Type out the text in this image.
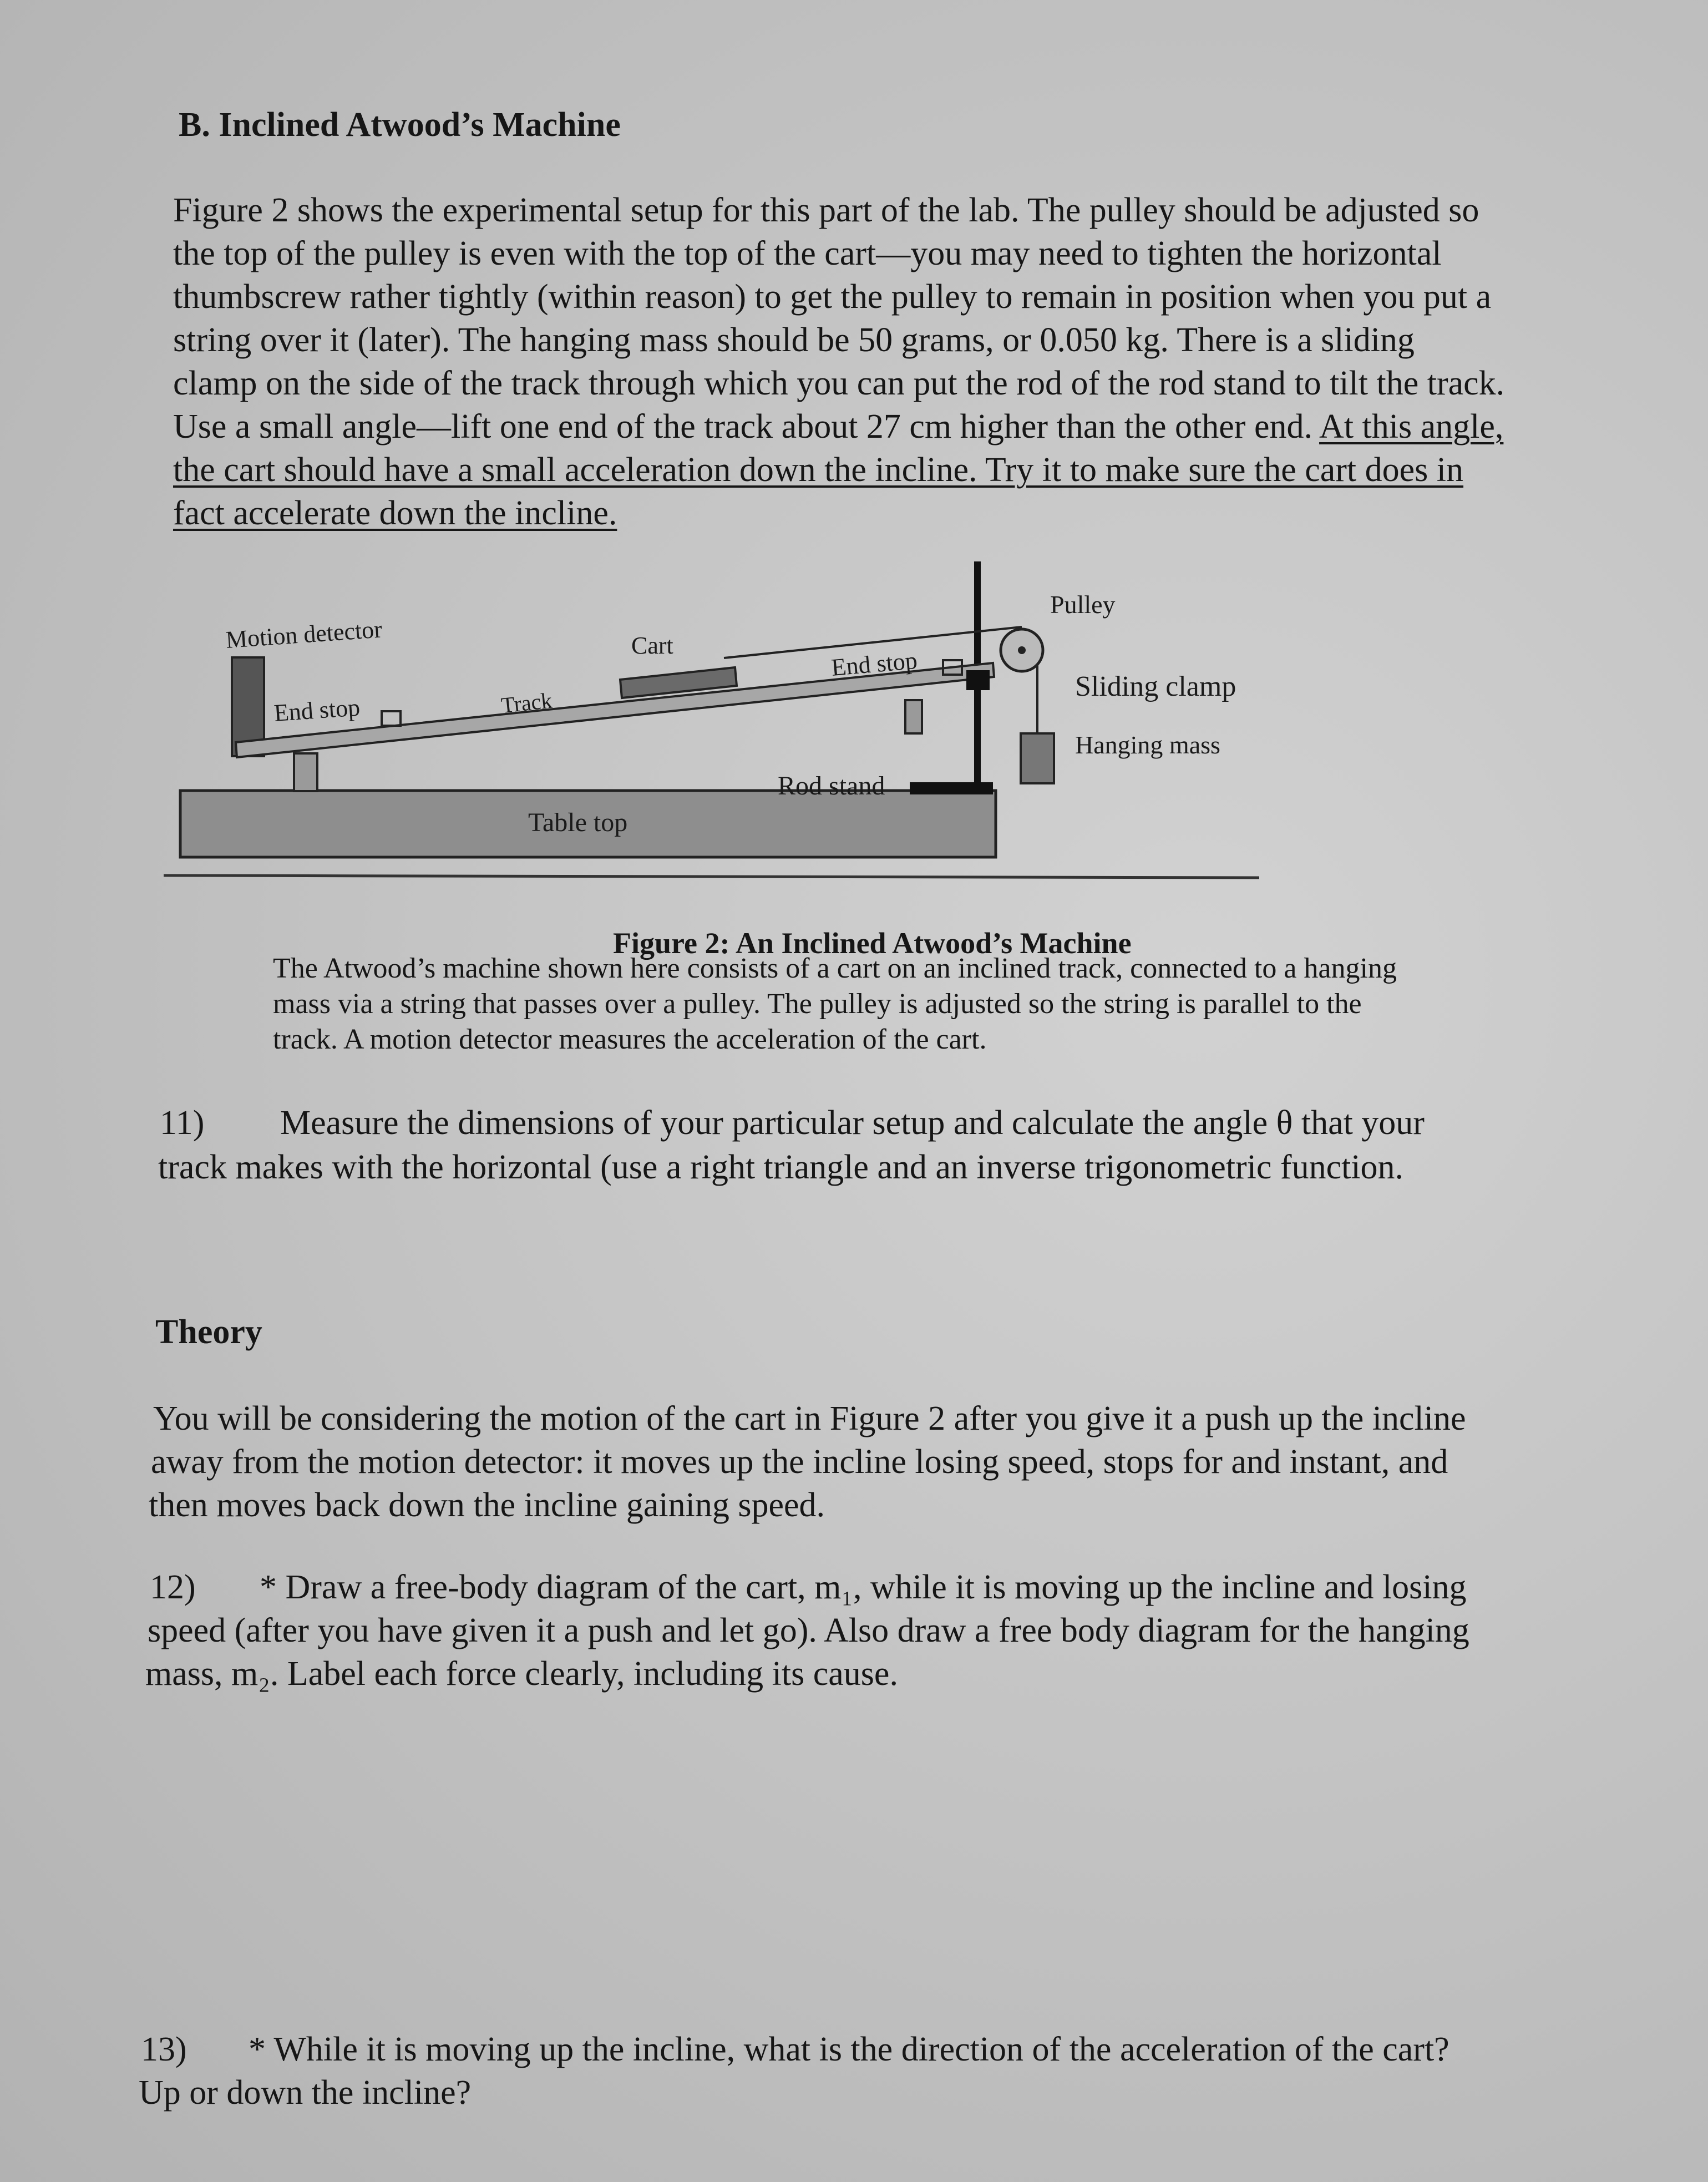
B. Inclined Atwood’s Machine

Figure 2 shows the experimental setup for this part of the lab. The pulley should be adjusted so

the top of the pulley is even with the top of the cart—you may need to tighten the horizontal

thumbscrew rather tightly (within reason) to get the pulley to remain in position when you put a

string over it (later). The hanging mass should be 50 grams, or 0.050 kg. There is a sliding

clamp on the side of the track through which you can put the rod of the rod stand to tilt the track.

Use a small angle—lift one end of the track about 27 cm higher than the other end. At this angle,

the cart should have a small acceleration down the incline. Try it to make sure the cart does in

fact accelerate down the incline.

Motion detector
End stop	Track
Cart
End stop
Pulley
Sliding clamp
Hanging mass
Rod stand
Table top

Figure 2: An Inclined Atwood’s Machine

The Atwood’s machine shown here consists of a cart on an inclined track, connected to a hanging

mass via a string that passes over a pulley. The pulley is adjusted so the string is parallel to the

track. A motion detector measures the acceleration of the cart.

11) Measure the dimensions of your particular setup and calculate the angle θ that your

track makes with the horizontal (use a right triangle and an inverse trigonometric function.

Theory

You will be considering the motion of the cart in Figure 2 after you give it a push up the incline

away from the motion detector: it moves up the incline losing speed, stops for and instant, and

then moves back down the incline gaining speed.

12) * Draw a free-body diagram of the cart, m₁, while it is moving up the incline and losing

speed (after you have given it a push and let go). Also draw a free body diagram for the hanging

mass, m₂. Label each force clearly, including its cause.

13) * While it is moving up the incline, what is the direction of the acceleration of the cart?

Up or down the incline?
